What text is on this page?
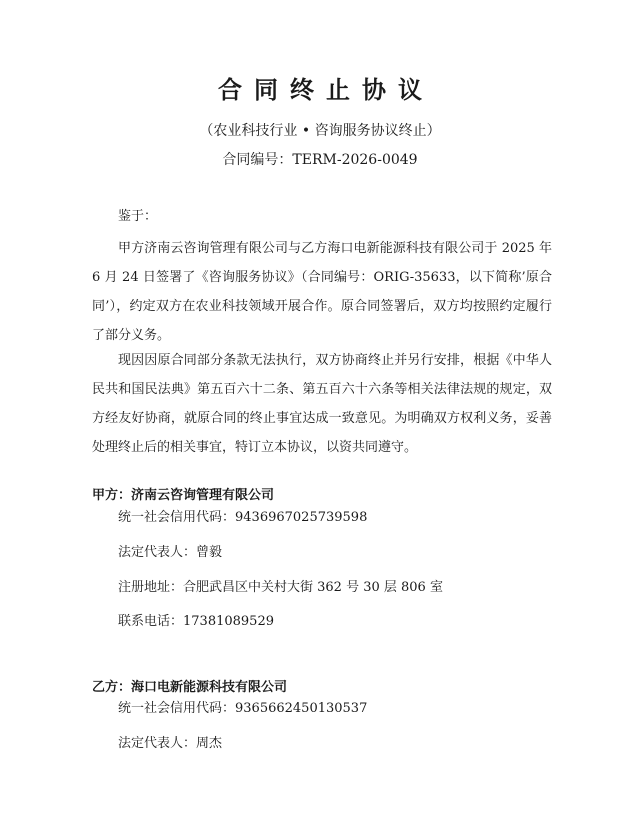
合同终止协议
（农业科技行业 • 咨询服务协议终止）
合同编号：TERM-2026-0049

鉴于：

甲方济南云咨询管理有限公司与乙方海口电新能源科技有限公司于 2025 年 6 月 24 日签署了《咨询服务协议》（合同编号：ORIG-35633，以下简称’原合同’），约定双方在农业科技领域开展合作。原合同签署后，双方均按照约定履行了部分义务。

现因因原合同部分条款无法执行，双方协商终止并另行安排，根据《中华人民共和国民法典》第五百六十二条、第五百六十六条等相关法律法规的规定，双方经友好协商，就原合同的终止事宜达成一致意见。为明确双方权利义务，妥善处理终止后的相关事宜，特订立本协议，以资共同遵守。

甲方：济南云咨询管理有限公司
统一社会信用代码：9436967025739598
法定代表人：曾毅
注册地址：合肥武昌区中关村大街 362 号 30 层 806 室
联系电话：17381089529
乙方：海口电新能源科技有限公司
统一社会信用代码：9365662450130537
法定代表人：周杰
